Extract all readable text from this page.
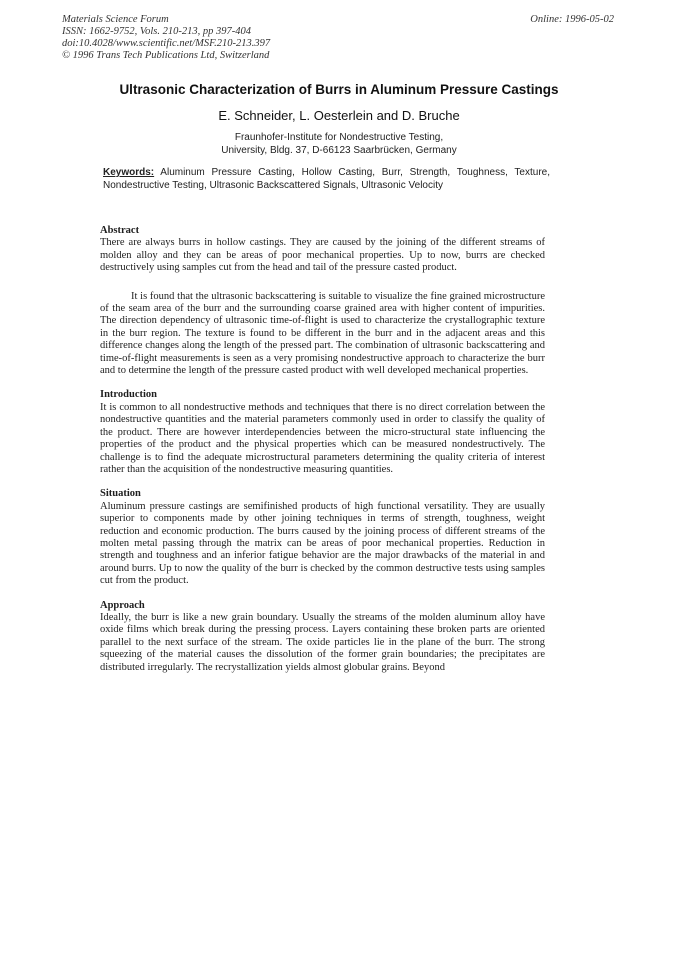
Materials Science Forum
ISSN: 1662-9752, Vols. 210-213, pp 397-404
doi:10.4028/www.scientific.net/MSF.210-213.397
© 1996 Trans Tech Publications Ltd, Switzerland
Online: 1996-05-02
Ultrasonic Characterization of Burrs in Aluminum Pressure Castings
E. Schneider, L. Oesterlein and D. Bruche
Fraunhofer-Institute for Nondestructive Testing,
University, Bldg. 37, D-66123 Saarbrücken, Germany
Keywords: Aluminum Pressure Casting, Hollow Casting, Burr, Strength, Toughness, Texture, Nondestructive Testing, Ultrasonic Backscattered Signals, Ultrasonic Velocity

Abstract

There are always burrs in hollow castings. They are caused by the joining of the different streams of molden alloy and they can be areas of poor mechanical properties. Up to now, burrs are checked destructively using samples cut from the head and tail of the pressure casted product.

It is found that the ultrasonic backscattering is suitable to visualize the fine grained microstructure of the seam area of the burr and the surrounding coarse grained area with higher content of impurities. The direction dependency of ultrasonic time-of-flight is used to characterize the crystallographic texture in the burr region. The texture is found to be different in the burr and in the adjacent areas and this difference changes along the length of the pressed part. The combination of ultrasonic backscattering and time-of-flight measurements is seen as a very promising nondestructive approach to characterize the burr and to determine the length of the pressure casted product with well developed mechanical properties.

Introduction

It is common to all nondestructive methods and techniques that there is no direct correlation between the nondestructive quantities and the material parameters commonly used in order to classify the quality of the product. There are however interdependencies between the micro-structural state influencing the properties of the product and the physical properties which can be measured nondestructively. The challenge is to find the adequate microstructural parameters determining the quality criteria of interest rather than the acquisition of the nondestructive measuring quantities.

Situation

Aluminum pressure castings are semifinished products of high functional versatility. They are usually superior to components made by other joining techniques in terms of strength, toughness, weight reduction and economic production. The burrs caused by the joining process of different streams of the molten metal passing through the matrix can be areas of poor mechanical properties. Reduction in strength and toughness and an inferior fatigue behavior are the major drawbacks of the material in and around burrs. Up to now the quality of the burr is checked by the common destructive tests using samples cut from the product.

Approach

Ideally, the burr is like a new grain boundary. Usually the streams of the molden aluminum alloy have oxide films which break during the pressing process. Layers containing these broken parts are oriented parallel to the next surface of the stream. The oxide particles lie in the plane of the burr. The strong squeezing of the material causes the dissolution of the former grain boundaries; the precipitates are distributed irregularly. The recrystallization yields almost globular grains. Beyond
